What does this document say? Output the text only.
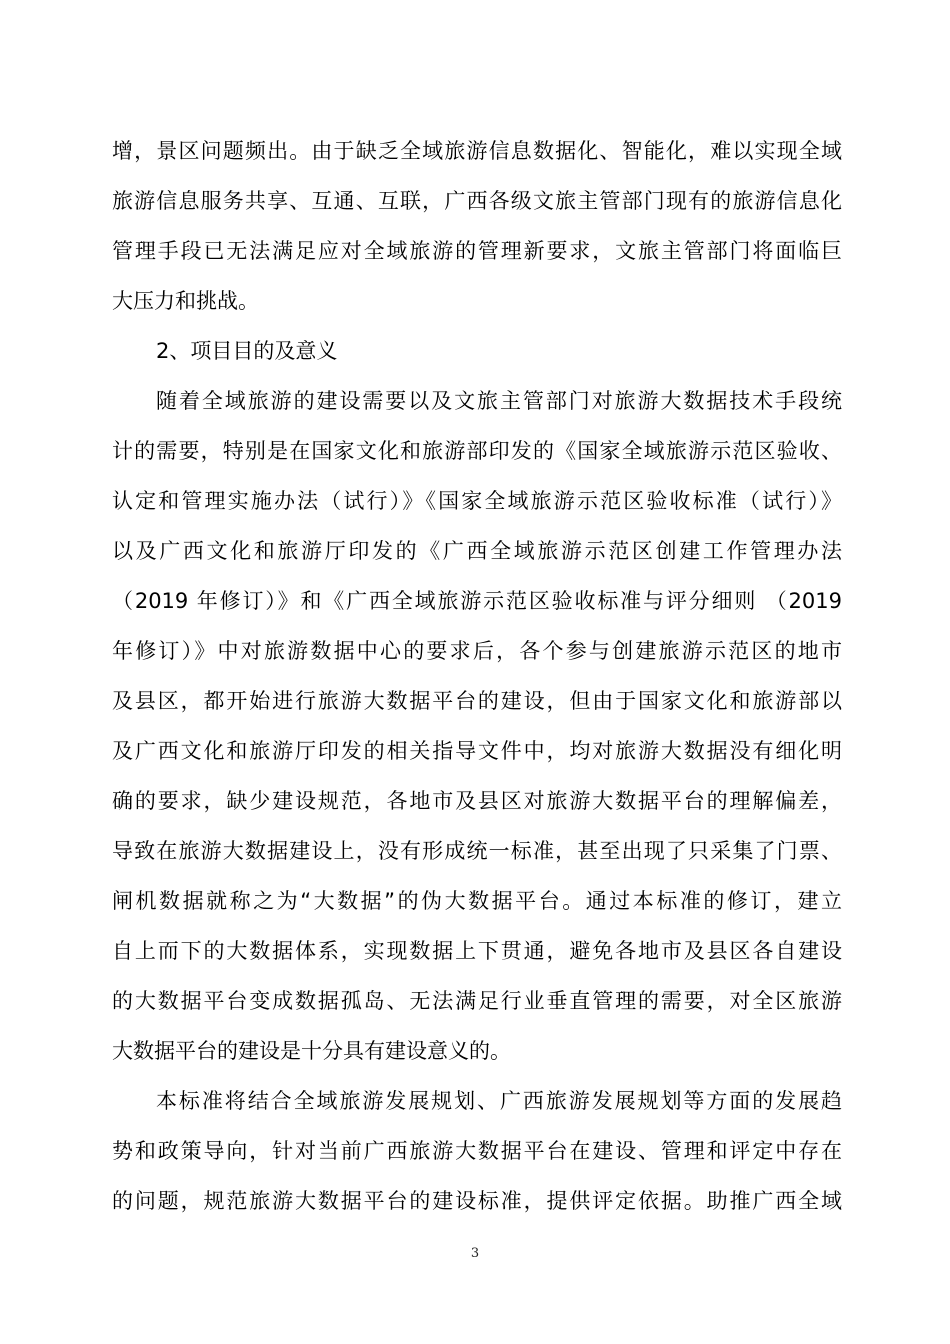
增，景区问题频出。由于缺乏全域旅游信息数据化、智能化，难以实现全域
旅游信息服务共享、互通、互联，广西各级文旅主管部门现有的旅游信息化
管理手段已无法满足应对全域旅游的管理新要求，文旅主管部门将面临巨
大压力和挑战。
2、项目目的及意义
随着全域旅游的建设需要以及文旅主管部门对旅游大数据技术手段统
计的需要，特别是在国家文化和旅游部印发的《国家全域旅游示范区验收、
认定和管理实施办法（试行）》《国家全域旅游示范区验收标准（试行）》
以及广西文化和旅游厅印发的《广西全域旅游示范区创建工作管理办法
（2019 年修订）》和《广西全域旅游示范区验收标准与评分细则 （2019
年修订）》中对旅游数据中心的要求后，各个参与创建旅游示范区的地市
及县区，都开始进行旅游大数据平台的建设，但由于国家文化和旅游部以
及广西文化和旅游厅印发的相关指导文件中，均对旅游大数据没有细化明
确的要求，缺少建设规范，各地市及县区对旅游大数据平台的理解偏差，
导致在旅游大数据建设上，没有形成统一标准，甚至出现了只采集了门票、
闸机数据就称之为“大数据”的伪大数据平台。通过本标准的修订，建立
自上而下的大数据体系，实现数据上下贯通，避免各地市及县区各自建设
的大数据平台变成数据孤岛、无法满足行业垂直管理的需要，对全区旅游
大数据平台的建设是十分具有建设意义的。
本标准将结合全域旅游发展规划、广西旅游发展规划等方面的发展趋
势和政策导向，针对当前广西旅游大数据平台在建设、管理和评定中存在
的问题，规范旅游大数据平台的建设标准，提供评定依据。助推广西全域
3
